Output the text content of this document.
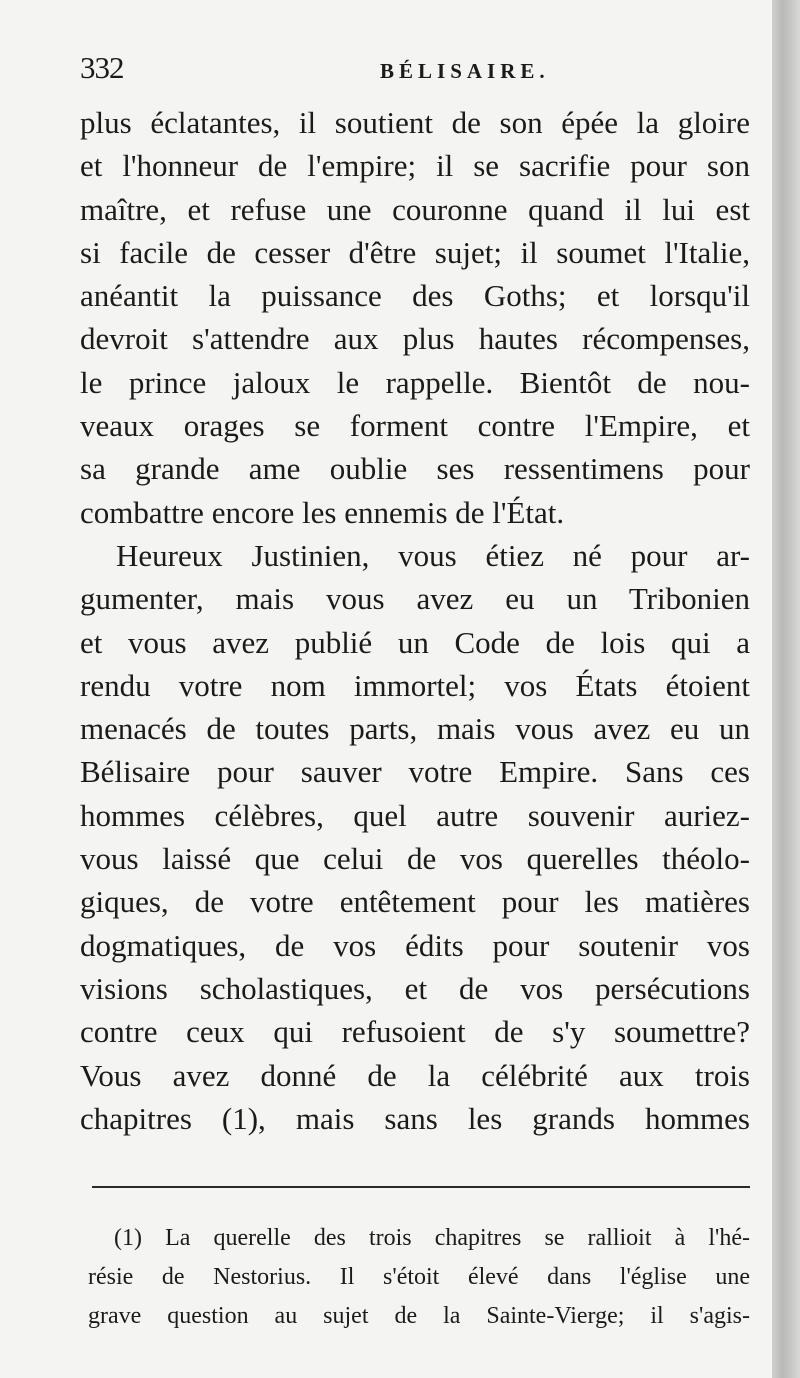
332	BÉLISAIRE.
plus éclatantes, il soutient de son épée la gloire
et l'honneur de l'empire; il se sacrifie pour son
maître, et refuse une couronne quand il lui est
si facile de cesser d'être sujet; il soumet l'Italie,
anéantit la puissance des Goths; et lorsqu'il
devroit s'attendre aux plus hautes récompenses,
le prince jaloux le rappelle. Bientôt de nou-
veaux orages se forment contre l'Empire, et
sa grande ame oublie ses ressentimens pour
combattre encore les ennemis de l'État.
Heureux Justinien, vous étiez né pour ar-
gumenter, mais vous avez eu un Tribonien
et vous avez publié un Code de lois qui a
rendu votre nom immortel; vos États étoient
menacés de toutes parts, mais vous avez eu un
Bélisaire pour sauver votre Empire. Sans ces
hommes célèbres, quel autre souvenir auriez-
vous laissé que celui de vos querelles théolo-
giques, de votre entêtement pour les matières
dogmatiques, de vos édits pour soutenir vos
visions scholastiques, et de vos persécutions
contre ceux qui refusoient de s'y soumettre?
Vous avez donné de la célébrité aux trois
chapitres (1), mais sans les grands hommes
(1) La querelle des trois chapitres se rallioit à l'hé-
résie de Nestorius. Il s'étoit élevé dans l'église une
grave question au sujet de la Sainte-Vierge; il s'agis-
